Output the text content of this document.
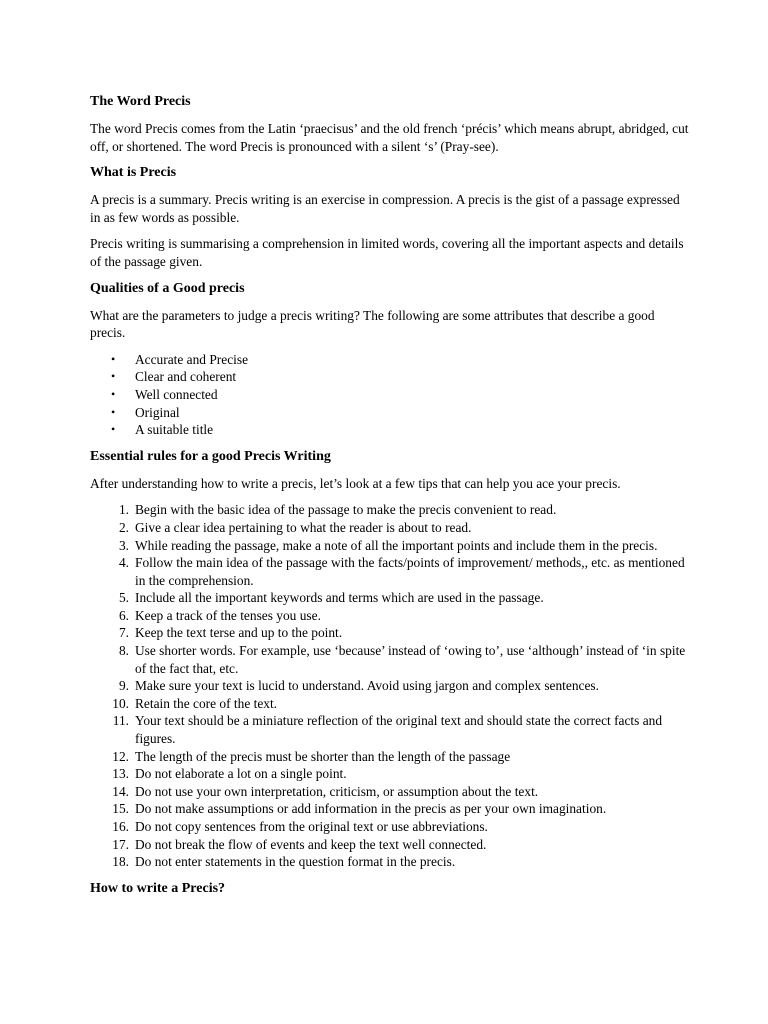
The Word Precis

The word Precis comes from the Latin ‘praecisus’ and the old french ‘précis’ which means abrupt, abridged, cut off, or shortened. The word Precis is pronounced with a silent ‘s’ (Pray-see).

What is Precis

A precis is a summary. Precis writing is an exercise in compression. A precis is the gist of a passage expressed in as few words as possible.

Precis writing is summarising a comprehension in limited words, covering all the important aspects and details of the passage given.

Qualities of a Good precis

What are the parameters to judge a precis writing? The following are some attributes that describe a good precis.

• Accurate and Precise
• Clear and coherent
• Well connected
• Original
• A suitable title
Essential rules for a good Precis Writing

After understanding how to write a precis, let’s look at a few tips that can help you ace your precis.

1. Begin with the basic idea of the passage to make the precis convenient to read.
2. Give a clear idea pertaining to what the reader is about to read.
3. While reading the passage, make a note of all the important points and include them in the precis.
4. Follow the main idea of the passage with the facts/points of improvement/ methods,, etc. as mentioned in the comprehension.
5. Include all the important keywords and terms which are used in the passage.
6. Keep a track of the tenses you use.
7. Keep the text terse and up to the point.
8. Use shorter words. For example, use ‘because’ instead of ‘owing to’, use ‘although’ instead of ‘in spite of the fact that, etc.
9. Make sure your text is lucid to understand. Avoid using jargon and complex sentences.
10. Retain the core of the text.
11. Your text should be a miniature reflection of the original text and should state the correct facts and figures.
12. The length of the precis must be shorter than the length of the passage
13. Do not elaborate a lot on a single point.
14. Do not use your own interpretation, criticism, or assumption about the text.
15. Do not make assumptions or add information in the precis as per your own imagination.
16. Do not copy sentences from the original text or use abbreviations.
17. Do not break the flow of events and keep the text well connected.
18. Do not enter statements in the question format in the precis.
How to write a Precis?
